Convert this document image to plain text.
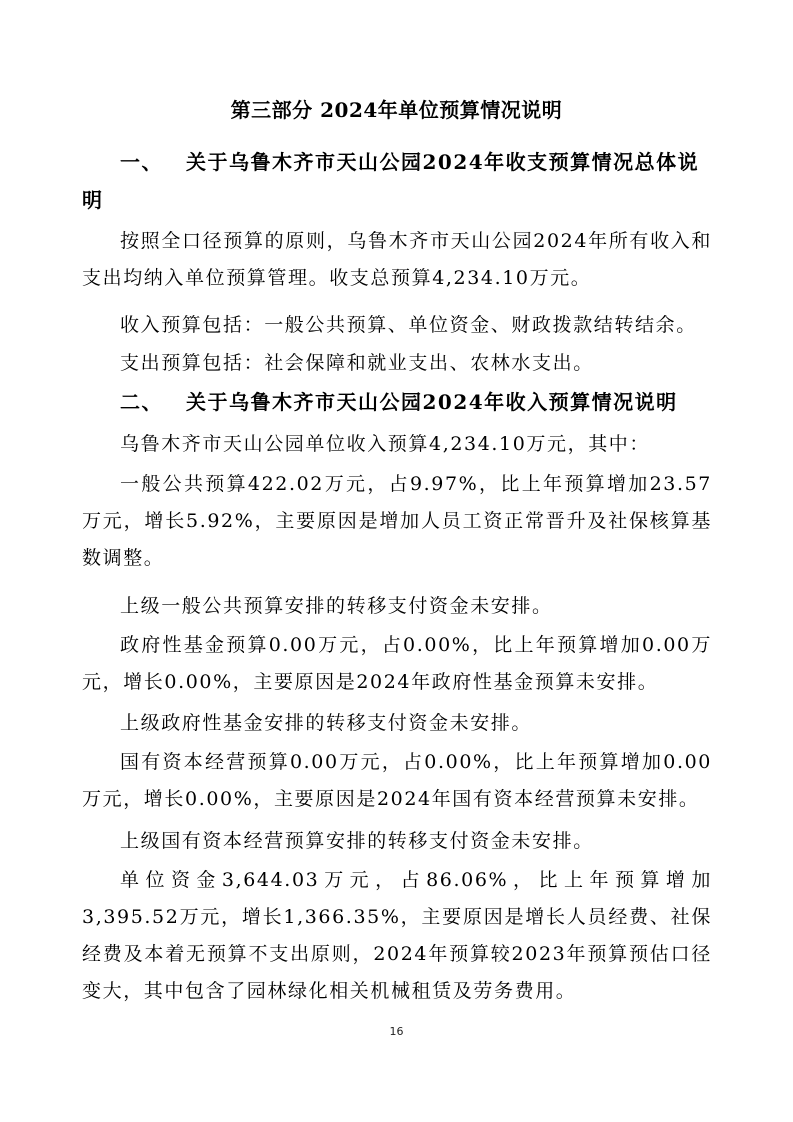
第三部分 2024年单位预算情况说明
一、 关于乌鲁木齐市天山公园2024年收支预算情况总体说明

按照全口径预算的原则，乌鲁木齐市天山公园2024年所有收入和支出均纳入单位预算管理。收支总预算4,234.10万元。

收入预算包括：一般公共预算、单位资金、财政拨款结转结余。

支出预算包括：社会保障和就业支出、农林水支出。

二、 关于乌鲁木齐市天山公园2024年收入预算情况说明

乌鲁木齐市天山公园单位收入预算4,234.10万元，其中：

一般公共预算422.02万元，占9.97%，比上年预算增加23.57万元，增长5.92%，主要原因是增加人员工资正常晋升及社保核算基数调整。

上级一般公共预算安排的转移支付资金未安排。

政府性基金预算0.00万元，占0.00%，比上年预算增加0.00万元，增长0.00%，主要原因是2024年政府性基金预算未安排。

上级政府性基金安排的转移支付资金未安排。

国有资本经营预算0.00万元，占0.00%，比上年预算增加0.00万元，增长0.00%，主要原因是2024年国有资本经营预算未安排。

上级国有资本经营预算安排的转移支付资金未安排。

单位资金3,644.03万元，占86.06%，比上年预算增加3,395.52万元，增长1,366.35%，主要原因是增长人员经费、社保经费及本着无预算不支出原则，2024年预算较2023年预算预估口径变大，其中包含了园林绿化相关机械租赁及劳务费用。

16
